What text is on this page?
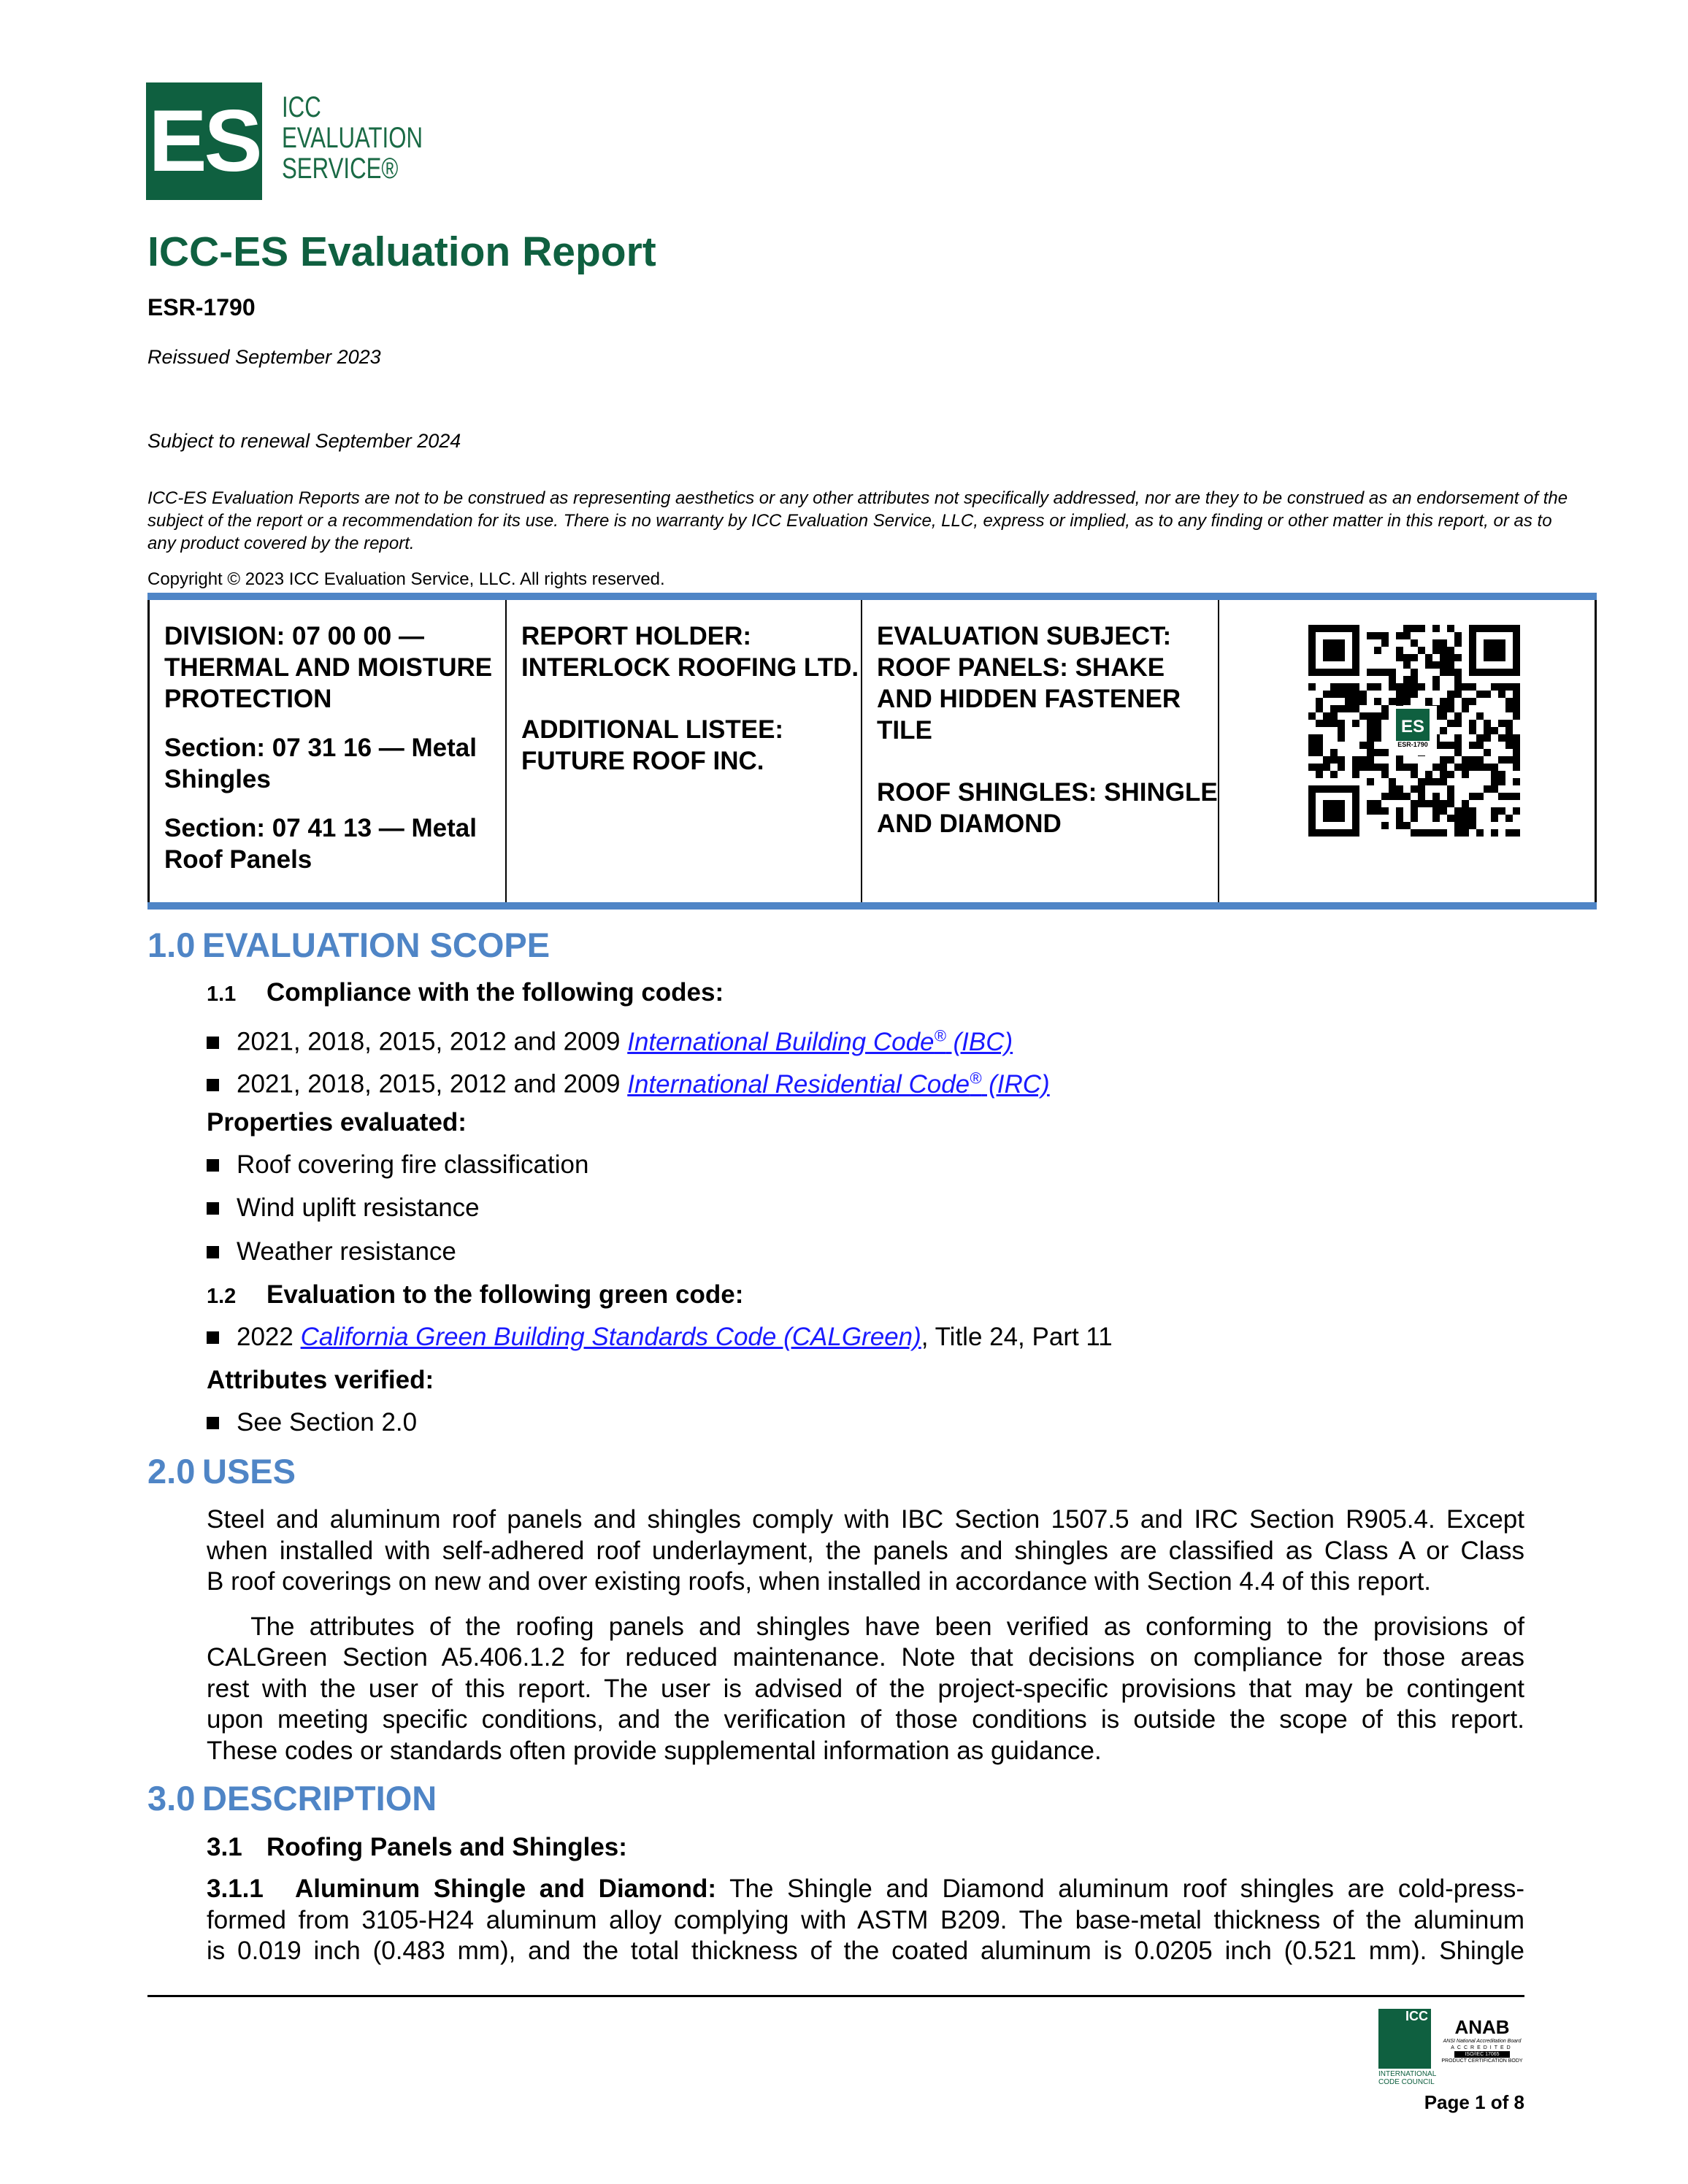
ES ICC
EVALUATION
SERVICE®
ICC-ES Evaluation Report
ESR-1790
Reissued September 2023
Subject to renewal September 2024
ICC-ES Evaluation Reports are not to be construed as representing aesthetics or any other attributes not specifically addressed, nor are they to be construed as an endorsement of the subject of the report or a recommendation for its use. There is no warranty by ICC Evaluation Service, LLC, express or implied, as to any finding or other matter in this report, or as to any product covered by the report.
Copyright © 2023 ICC Evaluation Service, LLC. All rights reserved.

DIVISION: 07 00 00 — THERMAL AND MOISTURE PROTECTION

Section: 07 31 16 — Metal Shingles

Section: 07 41 13 — Metal Roof Panels

REPORT HOLDER: INTERLOCK ROOFING LTD.

ADDITIONAL LISTEE: FUTURE ROOF INC.

EVALUATION SUBJECT: ROOF PANELS: SHAKE AND HIDDEN FASTENER TILE

ROOF SHINGLES: SHINGLE AND DIAMOND

ES
ESR-1790
1.0 EVALUATION SCOPE
1.1 Compliance with the following codes:
2021, 2018, 2015, 2012 and 2009 International Building Code® (IBC)
2021, 2018, 2015, 2012 and 2009 International Residential Code® (IRC)
Properties evaluated:
Roof covering fire classification
Wind uplift resistance
Weather resistance
1.2 Evaluation to the following green code:
2022 California Green Building Standards Code (CALGreen), Title 24, Part 11
Attributes verified:
See Section 2.0
2.0 USES
Steel and aluminum roof panels and shingles comply with IBC Section 1507.5 and IRC Section R905.4. Except
when installed with self-adhered roof underlayment, the panels and shingles are classified as Class A or Class
B roof coverings on new and over existing roofs, when installed in accordance with Section 4.4 of this report.
The attributes of the roofing panels and shingles have been verified as conforming to the provisions of
CALGreen Section A5.406.1.2 for reduced maintenance. Note that decisions on compliance for those areas
rest with the user of this report. The user is advised of the project-specific provisions that may be contingent
upon meeting specific conditions, and the verification of those conditions is outside the scope of this report.
These codes or standards often provide supplemental information as guidance.
3.0 DESCRIPTION
3.1 Roofing Panels and Shingles:
3.1.1 Aluminum Shingle and Diamond: The Shingle and Diamond aluminum roof shingles are cold-press-
formed from 3105-H24 aluminum alloy complying with ASTM B209. The base-metal thickness of the aluminum
is 0.019 inch (0.483 mm), and the total thickness of the coated aluminum is 0.0205 inch (0.521 mm). Shingle
ICC
INTERNATIONAL
CODE COUNCIL
ANAB
ANSI National Accreditation Board
ACCREDITED
ISO/IEC 17065
PRODUCT CERTIFICATION BODY
Page 1 of 8
